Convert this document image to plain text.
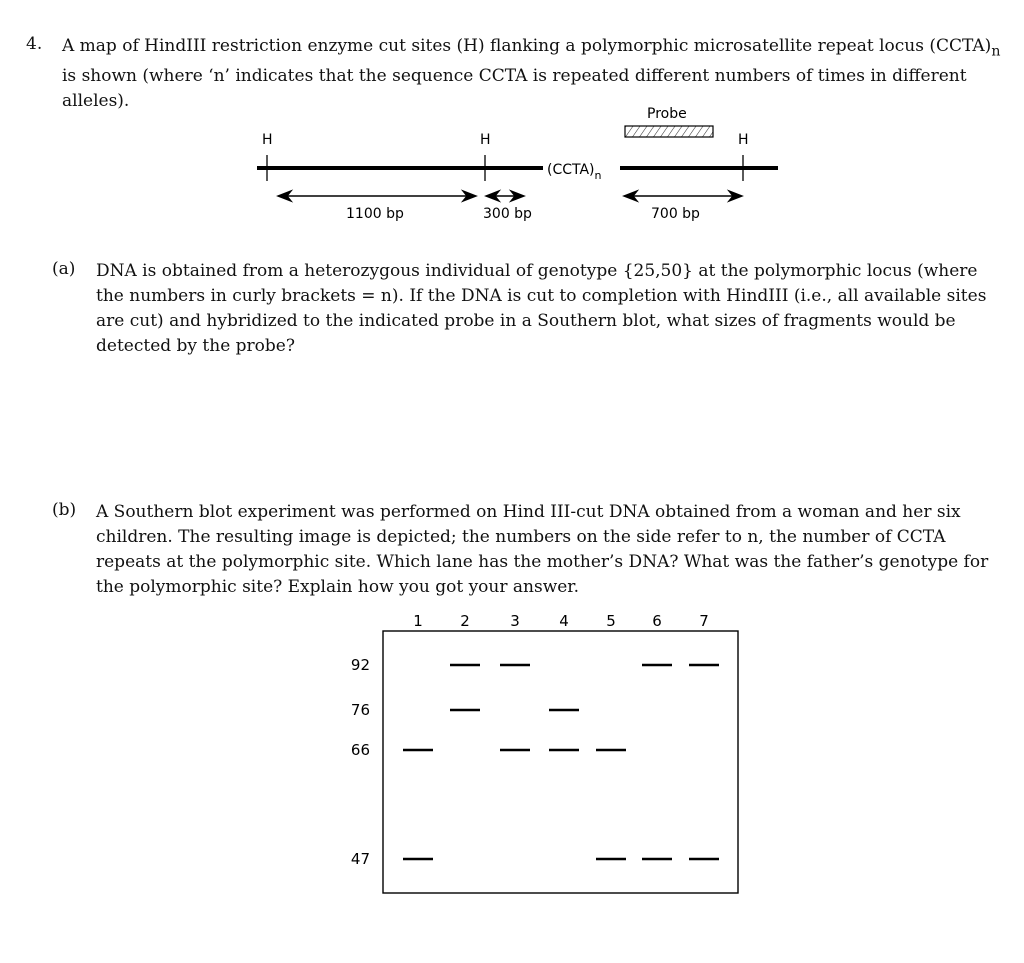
4. A map of HindIII restriction enzyme cut sites (H) flanking a polymorphic microsatellite repeat locus $(CCTA)_n$ is shown (where ‘n’ indicates that the sequence CCTA is repeated different numbers of times in different alleles).
H	H	H
$(CCTA)_n$
Probe
1100 bp	300 bp	700 bp
(a) DNA is obtained from a heterozygous individual of genotype {25,50} at the polymorphic locus (where the numbers in curly brackets = n). If the DNA is cut to completion with HindIII (i.e., all available sites are cut) and hybridized to the indicated probe in a Southern blot, what sizes of fragments would be detected by the probe?
(b) A Southern blot experiment was performed on Hind III-cut DNA obtained from a woman and her six children. The resulting image is depicted; the numbers on the side refer to n, the number of CCTA repeats at the polymorphic site. Which lane has the mother’s DNA? What was the father’s genotype for the polymorphic site? Explain how you got your answer.
1 2	3	4 5 6 7
92
76
66
47
